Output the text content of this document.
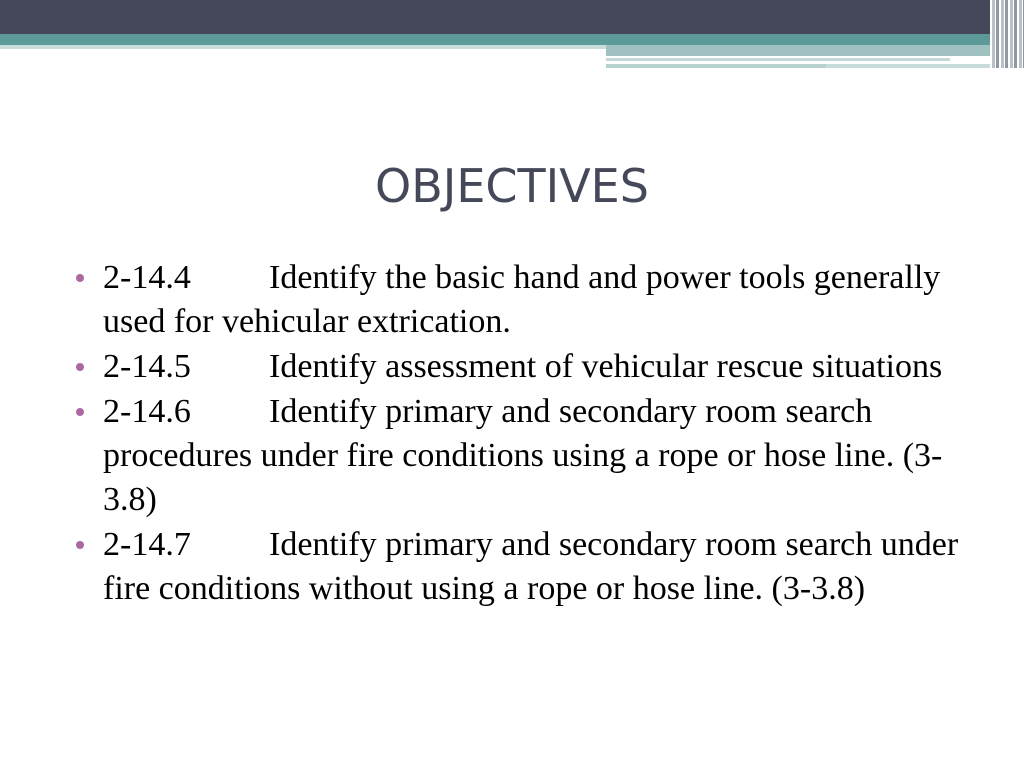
OBJECTIVES
2-14.4 Identify the basic hand and power tools generally used for vehicular extrication.
2-14.5 Identify assessment of vehicular rescue situations
2-14.6 Identify primary and secondary room search procedures under fire conditions using a rope or hose line. (3-3.8)
2-14.7 Identify primary and secondary room search under fire conditions without using a rope or hose line. (3-3.8)
